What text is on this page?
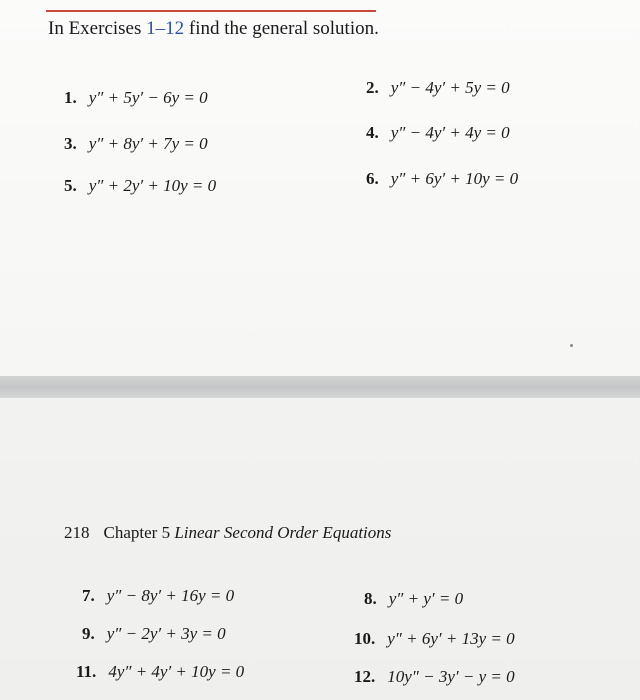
In Exercises 1–12 find the general solution.
1. y″ + 5y′ − 6y = 0
2. y″ − 4y′ + 5y = 0
3. y″ + 8y′ + 7y = 0
4. y″ − 4y′ + 4y = 0
5. y″ + 2y′ + 10y = 0	6. y″ + 6y′ + 10y = 0
218 Chapter 5 Linear Second Order Equations
7. y″ − 8y′ + 16y = 0	8. y″ + y′ = 0
9. y″ − 2y′ + 3y = 0	10. y″ + 6y′ + 13y = 0
11. 4y″ + 4y′ + 10y = 0	12. 10y″ − 3y′ − y = 0
